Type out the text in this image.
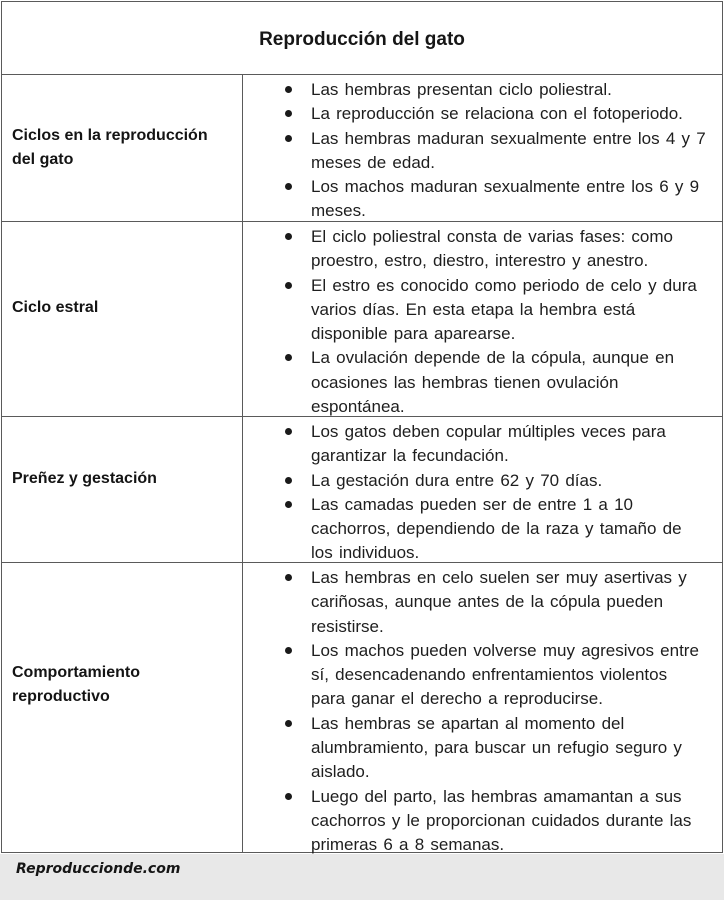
Reproducción del gato
Ciclos en la reproducción
del gato
Las hembras presentan ciclo poliestral.
La reproducción se relaciona con el fotoperiodo.
Las hembras maduran sexualmente entre los 4 y 7
meses de edad.
Los machos maduran sexualmente entre los 6 y 9
meses.
Ciclo estral
El ciclo poliestral consta de varias fases: como
proestro, estro, diestro, interestro y anestro.
El estro es conocido como periodo de celo y dura
varios días. En esta etapa la hembra está
disponible para aparearse.
La ovulación depende de la cópula, aunque en
ocasiones las hembras tienen ovulación
espontánea.
Preñez y gestación
Los gatos deben copular múltiples veces para
garantizar la fecundación.
La gestación dura entre 62 y 70 días.
Las camadas pueden ser de entre 1 a 10
cachorros, dependiendo de la raza y tamaño de
los individuos.
Comportamiento
reproductivo
Las hembras en celo suelen ser muy asertivas y
cariñosas, aunque antes de la cópula pueden
resistirse.
Los machos pueden volverse muy agresivos entre
sí, desencadenando enfrentamientos violentos
para ganar el derecho a reproducirse.
Las hembras se apartan al momento del
alumbramiento, para buscar un refugio seguro y
aislado.
Luego del parto, las hembras amamantan a sus
cachorros y le proporcionan cuidados durante las
primeras 6 a 8 semanas.
Reproduccionde.com
